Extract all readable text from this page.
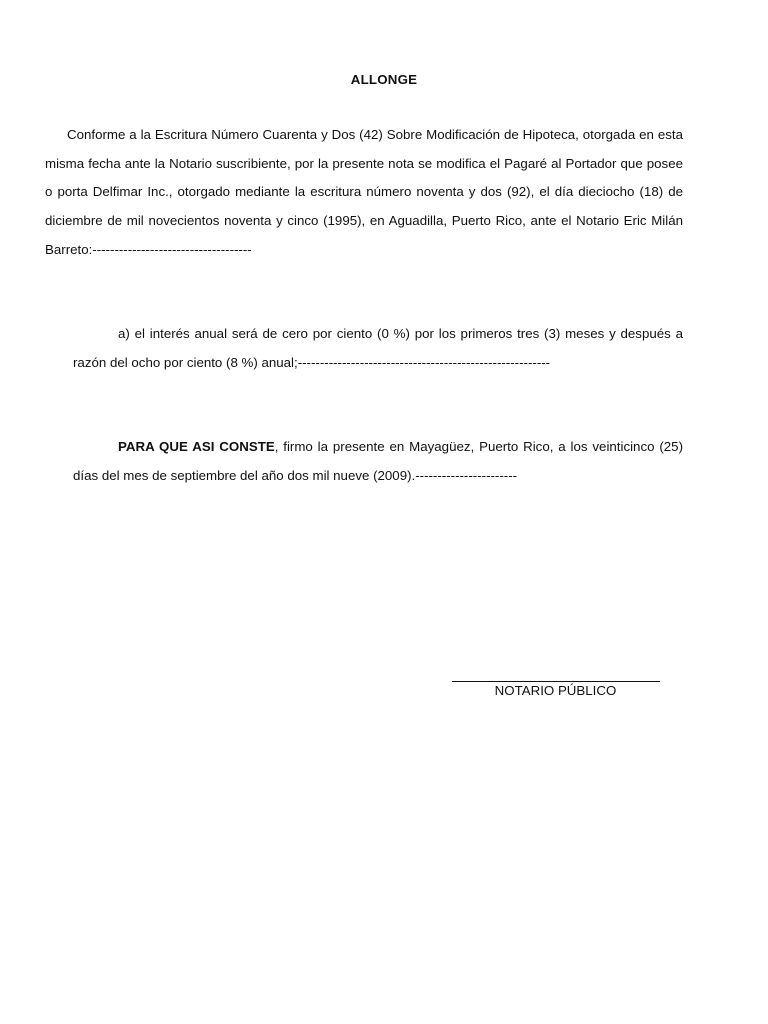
ALLONGE

Conforme a la Escritura Número Cuarenta y Dos (42) Sobre Modificación de Hipoteca, otorgada en esta misma fecha ante la Notario suscribiente, por la presente nota se modifica el Pagaré al Portador que posee o porta Delfimar Inc., otorgado mediante la escritura número noventa y dos (92), el día dieciocho (18) de diciembre de mil novecientos noventa y cinco (1995), en Aguadilla, Puerto Rico, ante el Notario Eric Milán Barreto:------------------------------------

a) el interés anual será de cero por ciento (0 %) por los primeros tres (3) meses y después a razón del ocho por ciento (8 %) anual;---------------------------------------------------------

PARA QUE ASI CONSTE, firmo la presente en Mayagüez, Puerto Rico, a los veinticinco (25) días del mes de septiembre del año dos mil nueve (2009).-----------------------

NOTARIO PÚBLICO
